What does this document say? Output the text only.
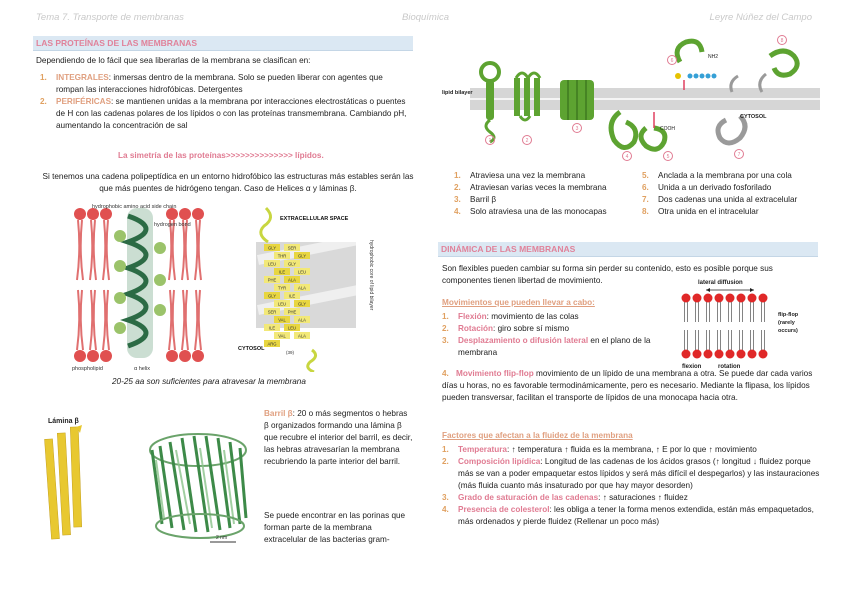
Tema 7. Transporte de membranas	Bioquímica	Leyre Núñez del Campo
LAS PROTEÍNAS DE LAS MEMBRANAS
Dependiendo de lo fácil que sea liberarlas de la membrana se clasifican en:
1.	INTEGRALES: inmersas dentro de la membrana. Solo se pueden liberar con agentes que rompan las interacciones hidrofóbicas. Detergentes
2.	PERIFÉRICAS: se mantienen unidas a la membrana por interacciones electrostáticas o puentes de H con las cadenas polares de los lípidos o con las proteínas transmembrana. Cambiando pH, aumentando la concentración de sal
La simetría de las proteínas>>>>>>>>>>>>>> lípidos.
Si tenemos una cadena polipeptídica en un entorno hidrofóbico las estructuras más estables serán las que más puentes de hidrógeno tengan. Caso de Helices α y láminas β.
hydrophobic amino acid side chain
hydrogen bond
phospholipid	α helix
EXTRACELLULAR SPACE
CYTOSOL
hydrophobic core of lipid bilayer
HIS (95)
(39)
GLY	SER
THR	GLY
LEU	GLY
ILE	LEU
PHE	ALA
TYR	ALA
GLY	ILE
LEU	GLY
SER	PHE
VAL	ALA
ILE	LEU
VAL	ALA
ARG
20-25 aa son suficientes para atravesar la membrana
Lámina β
2 nm
Barril β: 20 o más segmentos o hebras β organizados formando una lámina β que recubre el interior del barril, es decir, las hebras atravesarían la membrana recubriendo la parte interior del barril.
Se puede encontrar en las porinas que forman parte de la membrana extracelular de las bacterias gram-
lipid bilayer
NH2
COOH
CYTOSOL
1	2
3
4	5
6
7
8
1.	Atraviesa una vez la membrana
2.	Atraviesan varias veces la membrana
3.	Barril β
4.	Solo atraviesa una de las monocapas
5.	Anclada a la membrana por una cola
6.	Unida a un derivado fosforilado
7.	Dos cadenas una unida al extracelular
8.	Otra unida en el intracelular
DINÁMICA DE LAS MEMBRANAS
Son flexibles pueden cambiar su forma sin perder su contenido, esto es posible porque sus componentes tienen libertad de movimiento.
Movimientos que pueden llevar a cabo:
1.	Flexión: movimiento de las colas
2.	Rotación: giro sobre sí mismo
3.	Desplazamiento o difusión lateral en el plano de la membrana
4. Movimiento flip-flop movimiento de un lípido de una membrana a otra. Se puede dar cada varios días u horas, no es favorable termodinámicamente, pero es necesario. Mediante la flipasa, los lípidos pueden transversar, facilitan el transporte de lípidos de una monocapa hacia otra.
lateral diffusion
flip-flop
(rarely
occurs)
flexion	rotation
flip-flop (rarely occurs)
Factores que afectan a la fluidez de la membrana
1.	Temperatura: ↑ temperatura ↑ fluida es la membrana, ↑ E por lo que ↑ movimiento
2.	Composición lipídica: Longitud de las cadenas de los ácidos grasos (↑ longitud ↓ fluidez porque más se van a poder empaquetar estos lípidos y será más difícil el despegarlos) y las instauraciones (más fluida cuanto más insaturado por que hay mayor desorden)
3.	Grado de saturación de las cadenas: ↑ saturaciones ↑ fluidez
4.	Presencia de colesterol: les obliga a tener la forma menos extendida, están más empaquetados, más ordenados y pierde fluidez (Rellenar un poco más)
